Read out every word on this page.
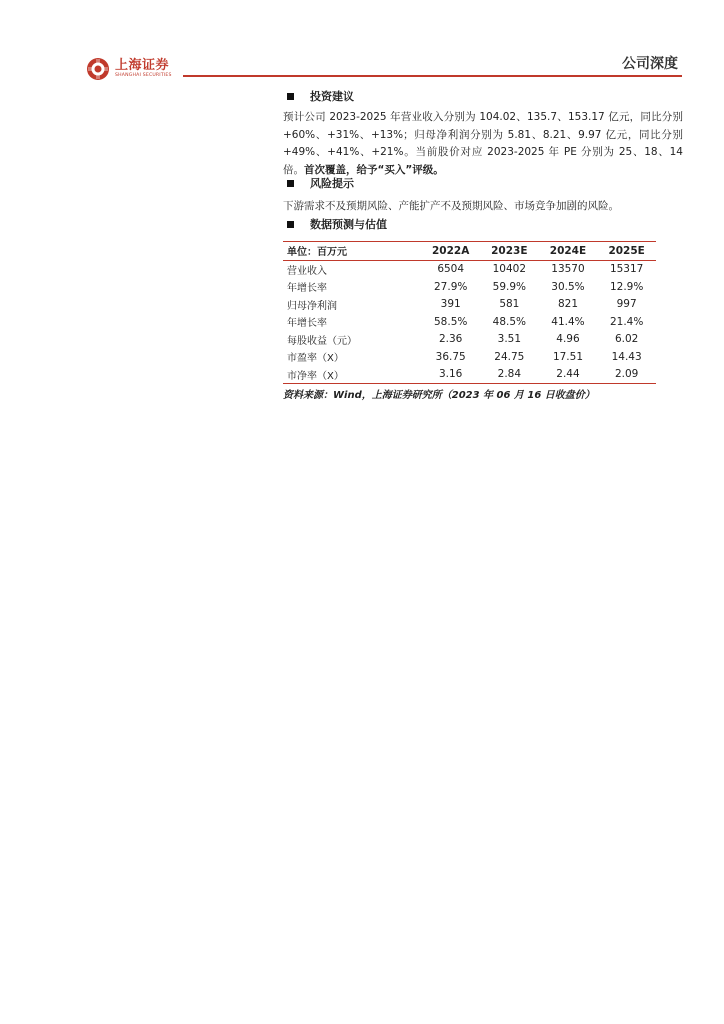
上海证券
SHANGHAI SECURITIES
公司深度
投资建议
预计公司 2023-2025 年营业收入分别为 104.02、135.7、153.17 亿元，同比分别+60%、+31%、+13%；归母净利润分别为 5.81、8.21、9.97 亿元，同比分别+49%、+41%、+21%。当前股价对应 2023-2025 年 PE 分别为 25、18、14 倍。首次覆盖，给予“买入”评级。
风险提示
下游需求不及预期风险、产能扩产不及预期风险、市场竞争加剧的风险。
数据预测与估值
单位：百万元	2022A	2023E	2024E	2025E
营业收入	6504	10402	13570	15317
年增长率	27.9%	59.9%	30.5%	12.9%
归母净利润	391	581	821	997
年增长率	58.5%	48.5%	41.4%	21.4%
每股收益（元）	2.36	3.51	4.96	6.02
市盈率（X）	36.75	24.75	17.51	14.43
市净率（X）	3.16	2.84	2.44	2.09
资料来源：Wind，上海证券研究所（2023 年 06 月 16 日收盘价）
